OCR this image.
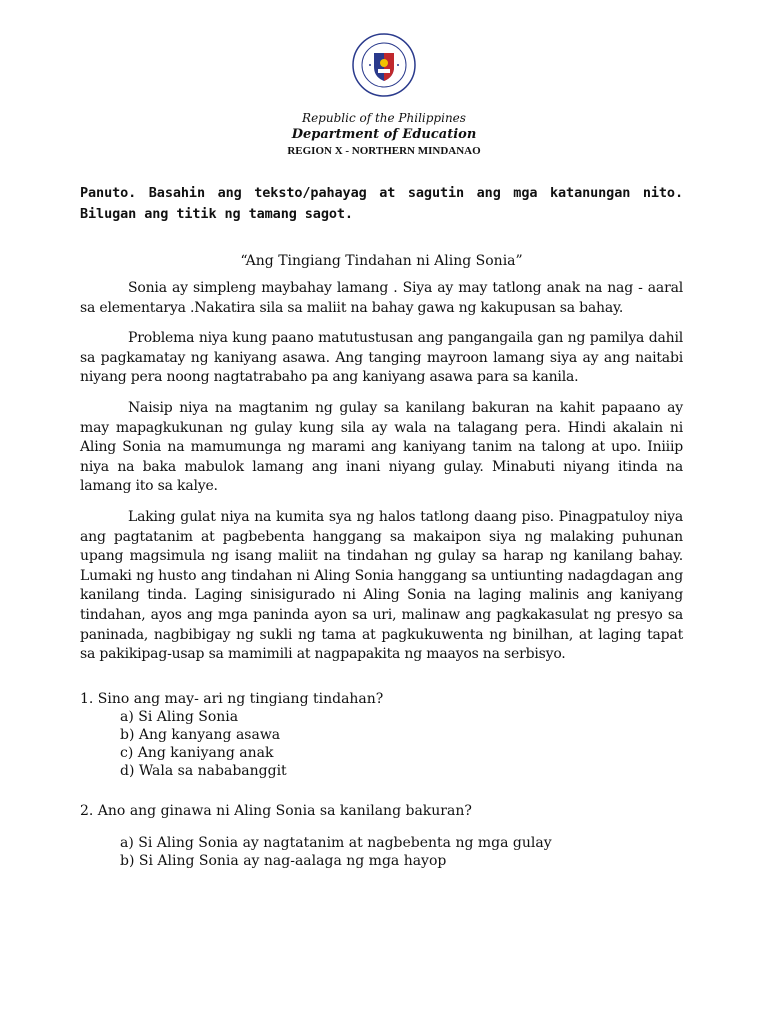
Republic of the Philippines
Department of Education
REGION X - NORTHERN MINDANAO

Panuto. Basahin ang teksto/pahayag at sagutin ang mga katanungan nito. Bilugan ang titik ng tamang sagot.

“Ang Tingiang Tindahan ni Aling Sonia”

Sonia ay simpleng maybahay lamang . Siya ay may tatlong anak na nag - aaral sa elementarya .Nakatira sila sa maliit na bahay gawa ng kakupusan sa bahay.

Problema niya kung paano matutustusan ang pangangaila gan ng pamilya dahil sa pagkamatay ng kaniyang asawa. Ang tanging mayroon lamang siya ay ang naitabi niyang pera noong nagtatrabaho pa ang kaniyang asawa para sa kanila.

Naisip niya na magtanim ng gulay sa kanilang bakuran na kahit papaano ay may mapagkukunan ng gulay kung sila ay wala na talagang pera. Hindi akalain ni Aling Sonia na mamumunga ng marami ang kaniyang tanim na talong at upo. Iniiip niya na baka mabulok lamang ang inani niyang gulay. Minabuti niyang itinda na lamang ito sa kalye.

Laking gulat niya na kumita sya ng halos tatlong daang piso. Pinagpatuloy niya ang pagtatanim at pagbebenta hanggang sa makaipon siya ng malaking puhunan upang magsimula ng isang maliit na tindahan ng gulay sa harap ng kanilang bahay. Lumaki ng husto ang tindahan ni Aling Sonia hanggang sa untiunting nadagdagan ang kanilang tinda. Laging sinisigurado ni Aling Sonia na laging malinis ang kaniyang tindahan, ayos ang mga paninda ayon sa uri, malinaw ang pagkakasulat ng presyo sa paninada, nagbibigay ng sukli ng tama at pagkukuwenta ng binilhan, at laging tapat sa pakikipag-usap sa mamimili at nagpapakita ng maayos na serbisyo.

1. Sino ang may- ari ng tingiang tindahan?

a) Si Aling Sonia
b) Ang kanyang asawa
c) Ang kaniyang anak
d) Wala sa nababanggit

2. Ano ang ginawa ni Aling Sonia sa kanilang bakuran?

a) Si Aling Sonia ay nagtatanim at nagbebenta ng mga gulay
b) Si Aling Sonia ay nag-aalaga ng mga hayop
